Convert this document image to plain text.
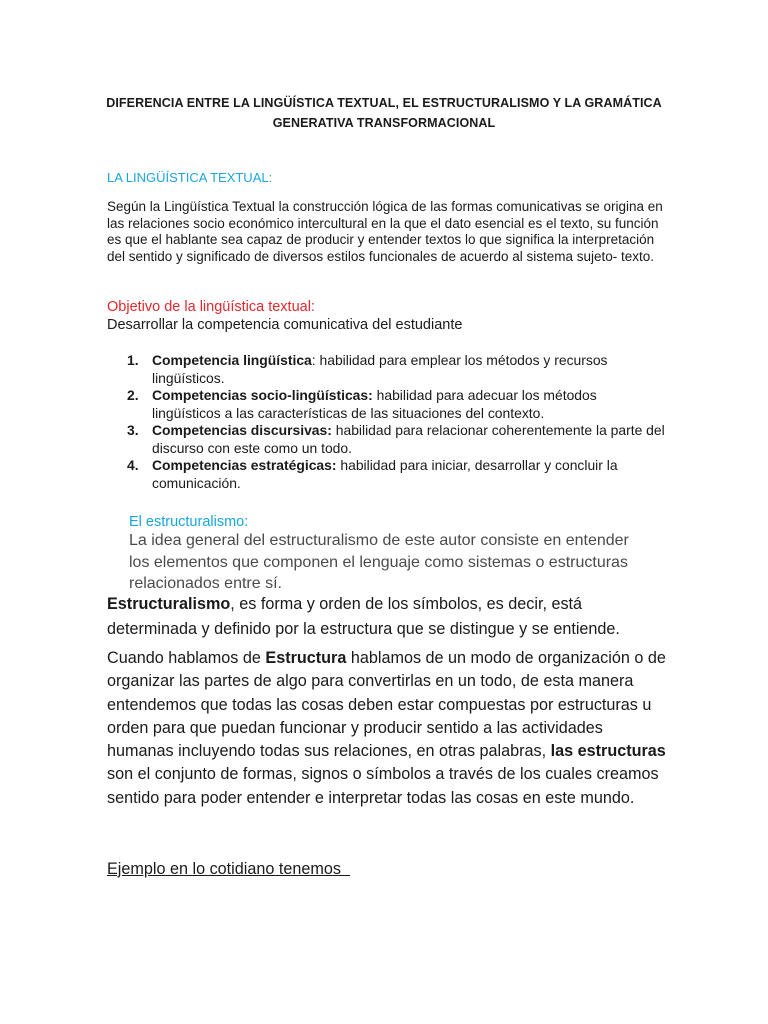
DIFERENCIA ENTRE LA LINGÜÍSTICA TEXTUAL, EL ESTRUCTURALISMO Y LA GRAMÁTICA
GENERATIVA TRANSFORMACIONAL
LA LINGÜÍSTICA TEXTUAL:
Según la Lingüística Textual la construcción lógica de las formas comunicativas se origina en las relaciones socio económico intercultural en la que el dato esencial es el texto, su función es que el hablante sea capaz de producir y entender textos lo que significa la interpretación del sentido y significado de diversos estilos funcionales de acuerdo al sistema sujeto- texto.
Objetivo de la lingüística textual:
Desarrollar la competencia comunicativa del estudiante
1. Competencia lingüística: habilidad para emplear los métodos y recursos lingüísticos.
2. Competencias socio-lingüísticas: habilidad para adecuar los métodos lingüísticos a las características de las situaciones del contexto.
3. Competencias discursivas: habilidad para relacionar coherentemente la parte del discurso con este como un todo.
4. Competencias estratégicas: habilidad para iniciar, desarrollar y concluir la comunicación.
El estructuralismo:
La idea general del estructuralismo de este autor consiste en entender los elementos que componen el lenguaje como sistemas o estructuras relacionados entre sí.
Estructuralismo, es forma y orden de los símbolos, es decir, está determinada y definido por la estructura que se distingue y se entiende.
Cuando hablamos de Estructura hablamos de un modo de organización o de organizar las partes de algo para convertirlas en un todo, de esta manera entendemos que todas las cosas deben estar compuestas por estructuras u orden para que puedan funcionar y producir sentido a las actividades humanas incluyendo todas sus relaciones, en otras palabras, las estructuras son el conjunto de formas, signos o símbolos a través de los cuales creamos sentido para poder entender e interpretar todas las cosas en este mundo.
Ejemplo en lo cotidiano tenemos
